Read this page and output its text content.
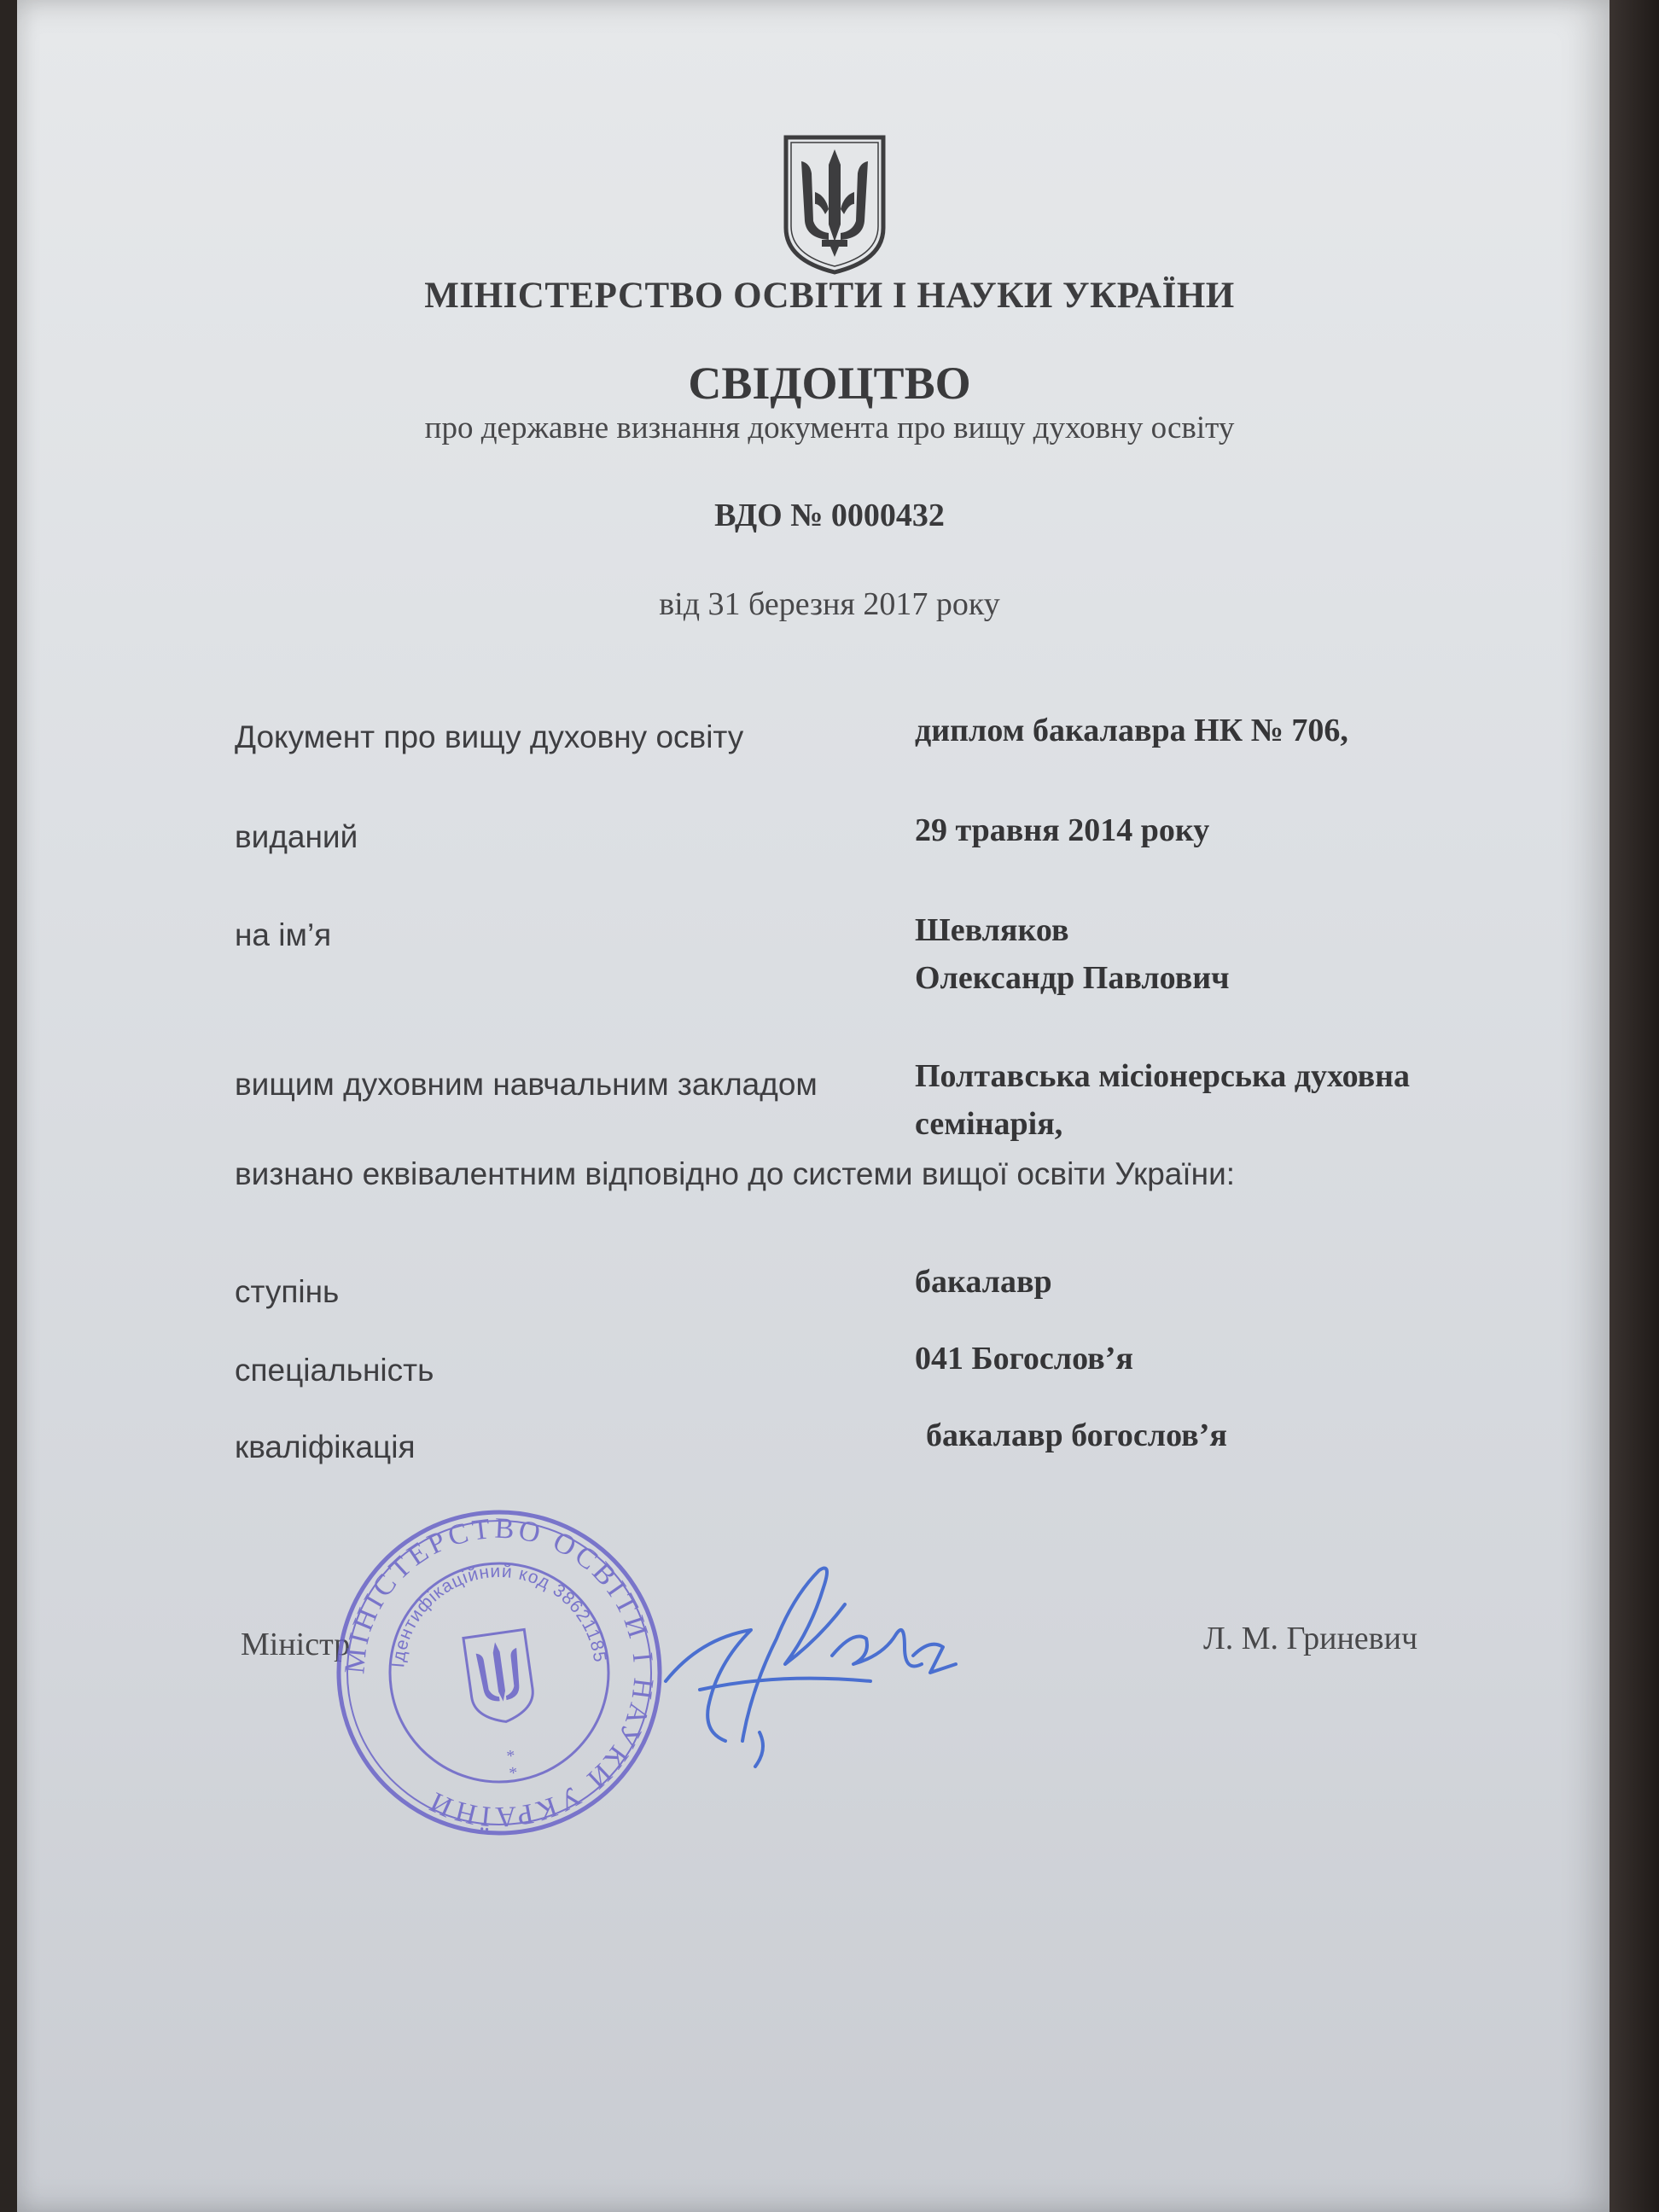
МІНІСТЕРСТВО ОСВІТИ І НАУКИ УКРАЇНИ
СВІДОЦТВО
про державне визнання документа про вищу духовну освіту
ВДО № 0000432
від 31 березня 2017 року
Документ про вищу духовну освіту	диплом бакалавра НК № 706,
виданий	29 травня 2014 року
на ім’я	Шевляков
Олександр Павлович
вищим духовним навчальним закладом	Полтавська місіонерська духовна
семінарія,
визнано еквівалентним відповідно до системи вищої освіти України:
ступінь	бакалавр
спеціальність	041 Богослов’я
кваліфікація	бакалавр богослов’я
Міністр	Л. М. Гриневич
МІНІСТЕРСТВО ОСВІТИ І НАУКИ УКРАЇНИ
Ідентифікаційний код 38621185
*
*
